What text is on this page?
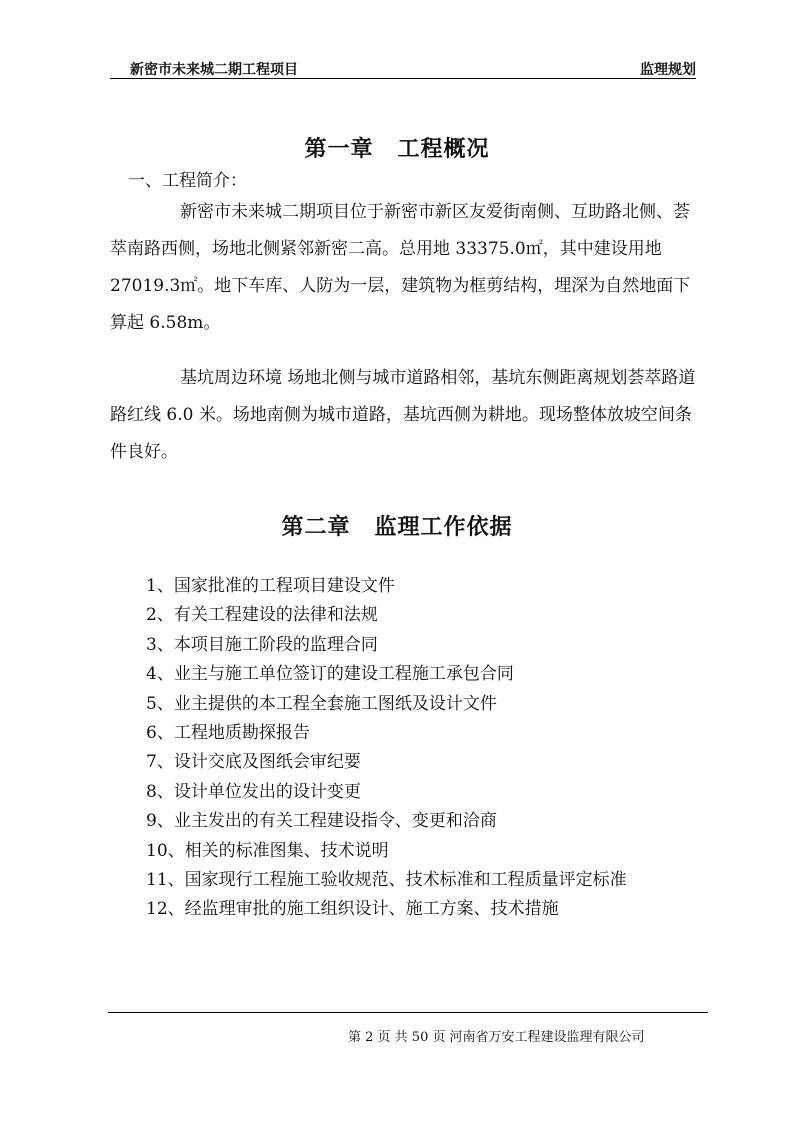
新密市未来城二期工程项目	监理规划
第一章 工程概况
一、工程简介：

新密市未来城二期项目位于新密市新区友爱街南侧、互助路北侧、荟萃南路西侧，场地北侧紧邻新密二高。总用地 33375.0㎡，其中建设用地 27019.3㎡。地下车库、人防为一层，建筑物为框剪结构，埋深为自然地面下算起 6.58m。

基坑周边环境 场地北侧与城市道路相邻，基坑东侧距离规划荟萃路道路红线 6.0 米。场地南侧为城市道路，基坑西侧为耕地。现场整体放坡空间条件良好。

第二章 监理工作依据
1、国家批准的工程项目建设文件
2、有关工程建设的法律和法规
3、本项目施工阶段的监理合同
4、业主与施工单位签订的建设工程施工承包合同
5、业主提供的本工程全套施工图纸及设计文件
6、工程地质勘探报告
7、设计交底及图纸会审纪要
8、设计单位发出的设计变更
9、业主发出的有关工程建设指令、变更和洽商
10、相关的标准图集、技术说明
11、国家现行工程施工验收规范、技术标准和工程质量评定标准
12、经监理审批的施工组织设计、施工方案、技术措施
第 2 页 共 50 页 河南省万安工程建设监理有限公司
